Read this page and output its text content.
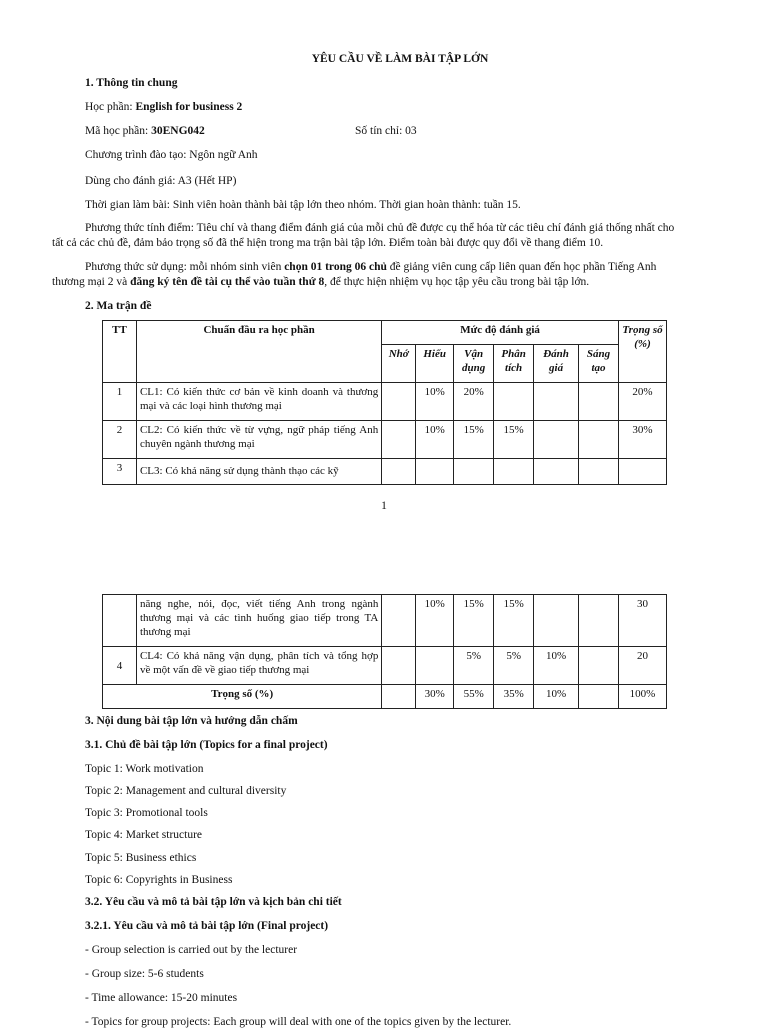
YÊU CẦU VỀ LÀM BÀI TẬP LỚN
1. Thông tin chung
Học phần: English for business 2
Mã học phần: 30ENG042	Số tín chỉ: 03
Chương trình đào tạo: Ngôn ngữ Anh
Dùng cho đánh giá: A3 (Hết HP)
Thời gian làm bài: Sinh viên hoàn thành bài tập lớn theo nhóm. Thời gian hoàn thành: tuần 15.
Phương thức tính điểm: Tiêu chí và thang điểm đánh giá của mỗi chủ đề được cụ thể hóa từ các tiêu chí đánh giá thống nhất cho
tất cả các chủ đề, đảm bảo trọng số đã thể hiện trong ma trận bài tập lớn. Điểm toàn bài được quy đổi về thang điểm 10.
Phương thức sử dụng: mỗi nhóm sinh viên chọn 01 trong 06 chủ đề giảng viên cung cấp liên quan đến học phần Tiếng Anh
thương mại 2 và đăng ký tên đề tài cụ thể vào tuần thứ 8, để thực hiện nhiệm vụ học tập yêu cầu trong bài tập lớn.
2. Ma trận đề
TT	Chuẩn đầu ra học phần	Mức độ đánh giá						Trọng số (%)
		Nhớ	Hiểu	Vận dụng	Phân tích	Đánh giá	Sáng tạo	
1	CL1: Có kiến thức cơ bản về kinh doanh và thương mại và các loại hình thương mại		10%	20%				20%
2	CL2: Có kiến thức về từ vựng, ngữ pháp tiếng Anh chuyên ngành thương mại		10%	15%	15%			30%
3	CL3: Có khả năng sử dụng thành thạo các kỹ							
1
	năng nghe, nói, đọc, viết tiếng Anh trong ngành thương mại và các tình huống giao tiếp trong TA thương mại		10%	15%	15%			30
4	CL4: Có khả năng vận dụng, phân tích và tổng hợp về một vấn đề về giao tiếp thương mại			5%	5%	10%		20
Trọng số (%)			30%	55%	35%	10%		100%
3. Nội dung bài tập lớn và hướng dẫn chấm
3.1. Chủ đề bài tập lớn (Topics for a final project)
Topic 1: Work motivation
Topic 2: Management and cultural diversity
Topic 3: Promotional tools
Topic 4: Market structure
Topic 5: Business ethics
Topic 6: Copyrights in Business
3.2. Yêu cầu và mô tả bài tập lớn và kịch bản chi tiết
3.2.1. Yêu cầu và mô tả bài tập lớn (Final project)
- Group selection is carried out by the lecturer
- Group size: 5-6 students
- Time allowance: 15-20 minutes
- Topics for group projects: Each group will deal with one of the topics given by the lecturer.
